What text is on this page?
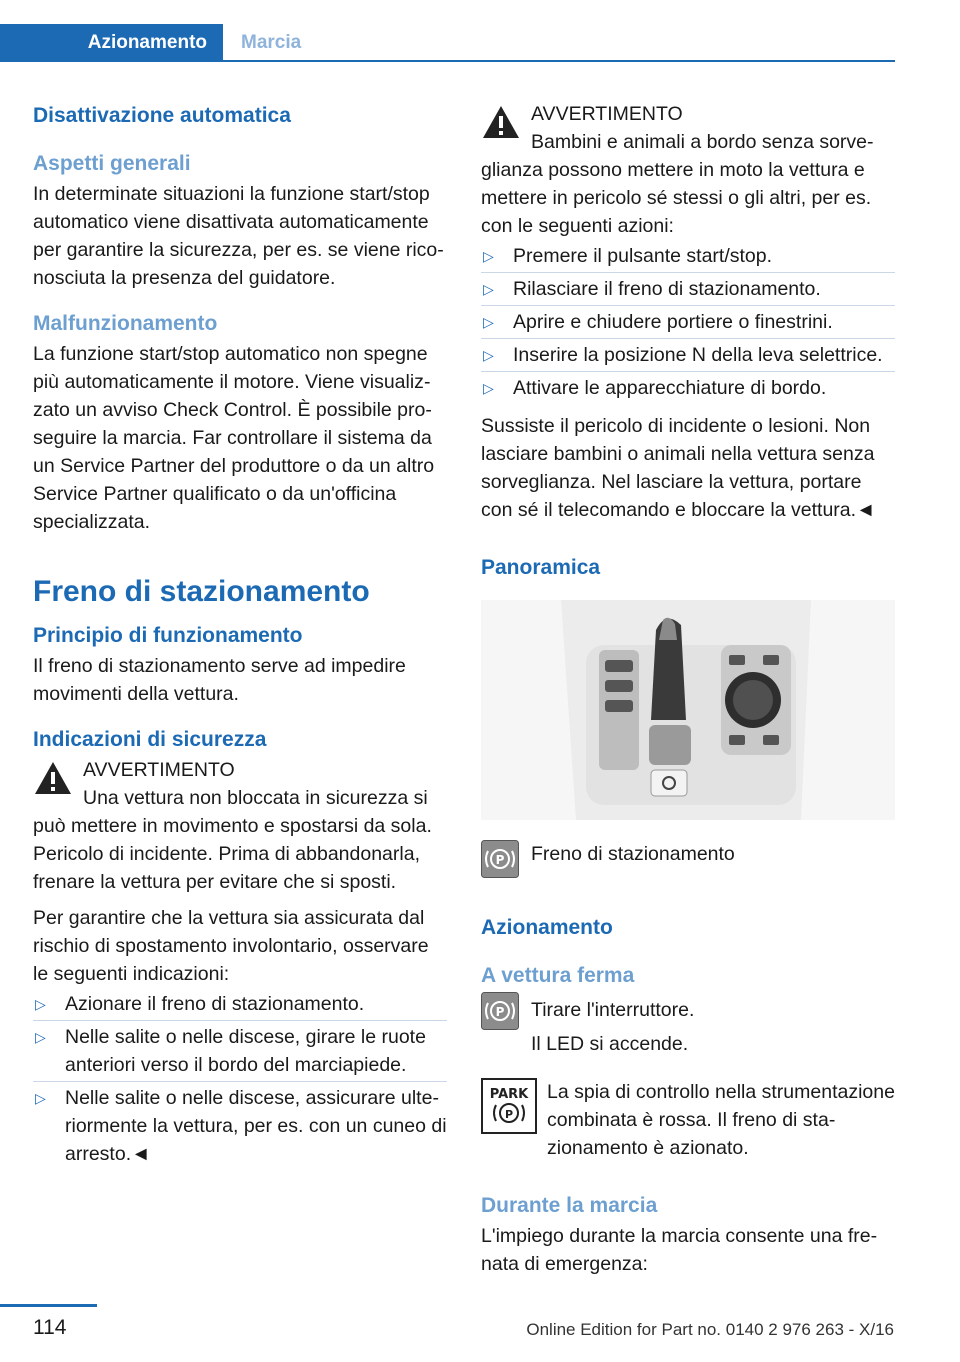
Azionamento	Marcia
Disattivazione automatica
Aspetti generali

In determinate situazioni la funzione start/stop automatico viene disattivata automaticamente per garantire la sicurezza, per es. se viene riconosciuta la presenza del guidatore.

Malfunzionamento

La funzione start/stop automatico non spegne più automaticamente il motore. Viene visualizzato un avviso Check Control. È possibile proseguire la marcia. Far controllare il sistema da un Service Partner del produttore o da un altro Service Partner qualificato o da un'officina specializzata.

Freno di stazionamento
Principio di funzionamento

Il freno di stazionamento serve ad impedire movimenti della vettura.

Indicazioni di sicurezza

AVVERTIMENTO

Una vettura non bloccata in sicurezza si può mettere in movimento e spostarsi da sola. Pericolo di incidente. Prima di abbandonarla, frenare la vettura per evitare che si sposti.

Per garantire che la vettura sia assicurata dal rischio di spostamento involontario, osservare le seguenti indicazioni:

▷ Azionare il freno di stazionamento.
▷ Nelle salite o nelle discese, girare le ruote anteriori verso il bordo del marciapiede.
▷ Nelle salite o nelle discese, assicurare ulteriormente la vettura, per es. con un cuneo di arresto.◄

AVVERTIMENTO

Bambini e animali a bordo senza sorveglianza possono mettere in moto la vettura e mettere in pericolo sé stessi o gli altri, per es. con le seguenti azioni:

▷ Premere il pulsante start/stop.
▷ Rilasciare il freno di stazionamento.
▷ Aprire e chiudere portiere o finestrini.
▷ Inserire la posizione N della leva selettrice.
▷ Attivare le apparecchiature di bordo.

Sussiste il pericolo di incidente o lesioni. Non lasciare bambini o animali nella vettura senza sorveglianza. Nel lasciare la vettura, portare con sé il telecomando e bloccare la vettura.◄

Panoramica
P	Freno di stazionamento

Azionamento
A vettura ferma
P	Tirare l'interruttore.

Il LED si accende.

PARK
P

La spia di controllo nella strumentazione combinata è rossa. Il freno di stazionamento è azionato.

Durante la marcia

L'impiego durante la marcia consente una frenata di emergenza:

114	Online Edition for Part no. 0140 2 976 263 - X/16
